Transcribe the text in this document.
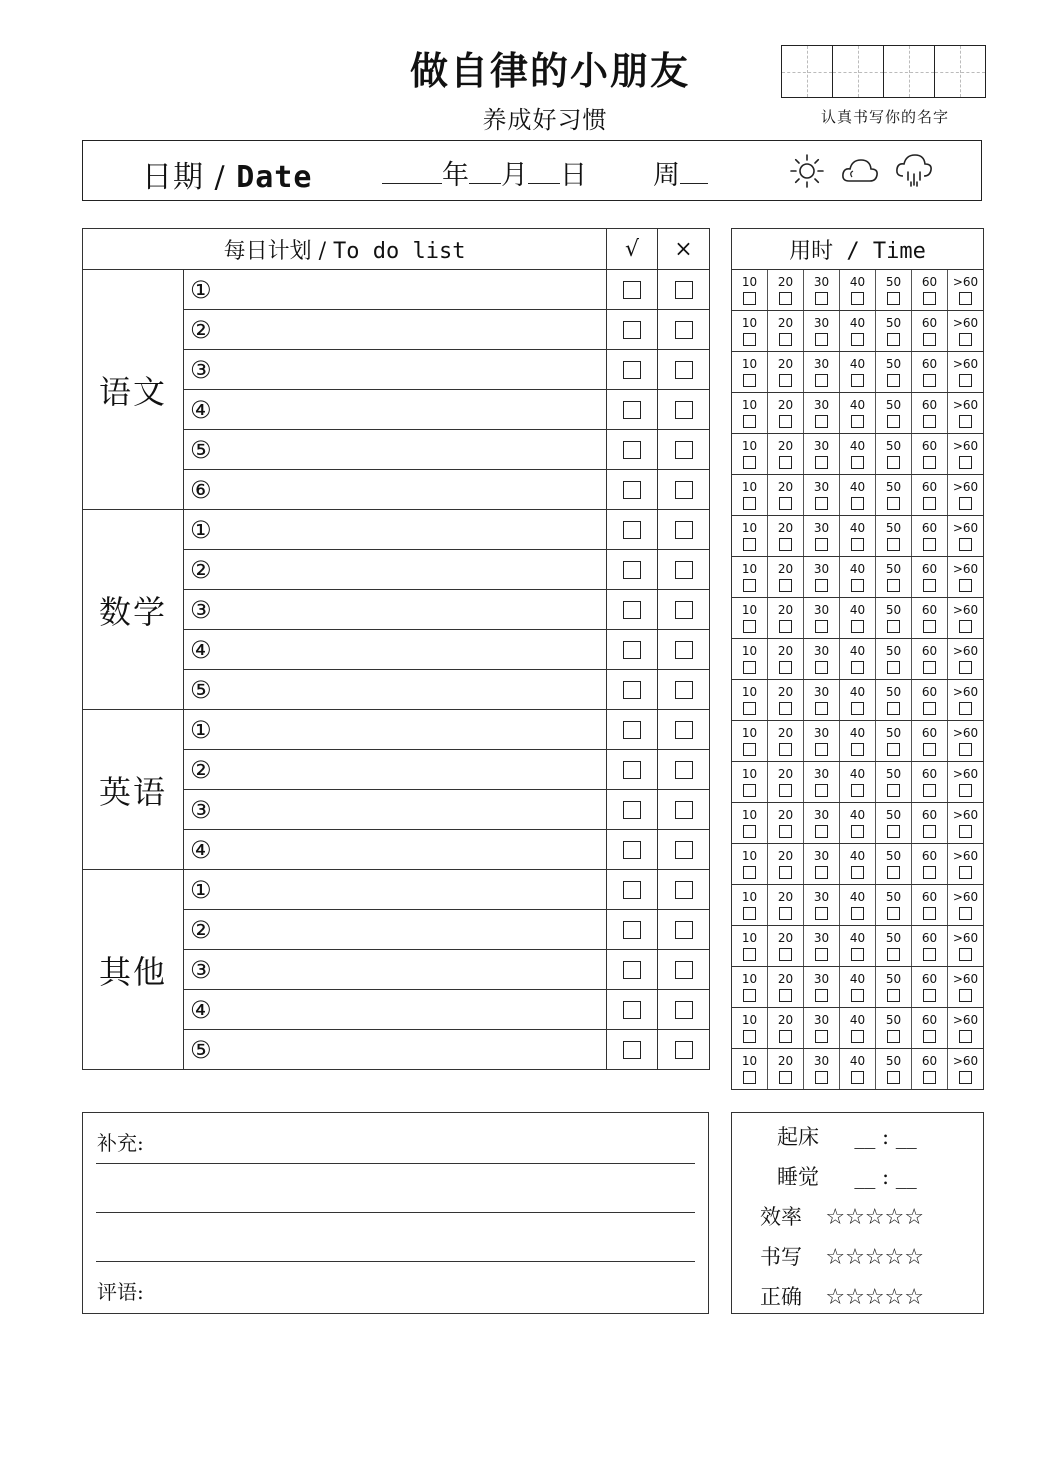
做自律的小朋友
养成好习惯	认真书写你的名字
日期 / Date	年 月 日 周
每日计划 / To do list		√	×
语文	①		
	②		
	③		
	④		
	⑤		
	⑥		
数学	①		
	②		
	③		
	④		
	⑤		
英语	①		
	②		
	③		
	④		
其他	①		
	②		
	③		
	④		
	⑤		
用时 / Time

10 20 30 40 50 60 >60

10 20 30 40 50 60 >60

10 20 30 40 50 60 >60

10 20 30 40 50 60 >60

10 20 30 40 50 60 >60

10 20 30 40 50 60 >60

10 20 30 40 50 60 >60

10 20 30 40 50 60 >60

10 20 30 40 50 60 >60

10 20 30 40 50 60 >60

10 20 30 40 50 60 >60

10 20 30 40 50 60 >60

10 20 30 40 50 60 >60

10 20 30 40 50 60 >60

10 20 30 40 50 60 >60

10 20 30 40 50 60 >60

10 20 30 40 50 60 >60

10 20 30 40 50 60 >60

10 20 30 40 50 60 >60

10 20 30 40 50 60 >60
补充:
评语:
起床 __ : __
睡觉 __ : __
效率 ☆☆☆☆☆
书写 ☆☆☆☆☆
正确 ☆☆☆☆☆
